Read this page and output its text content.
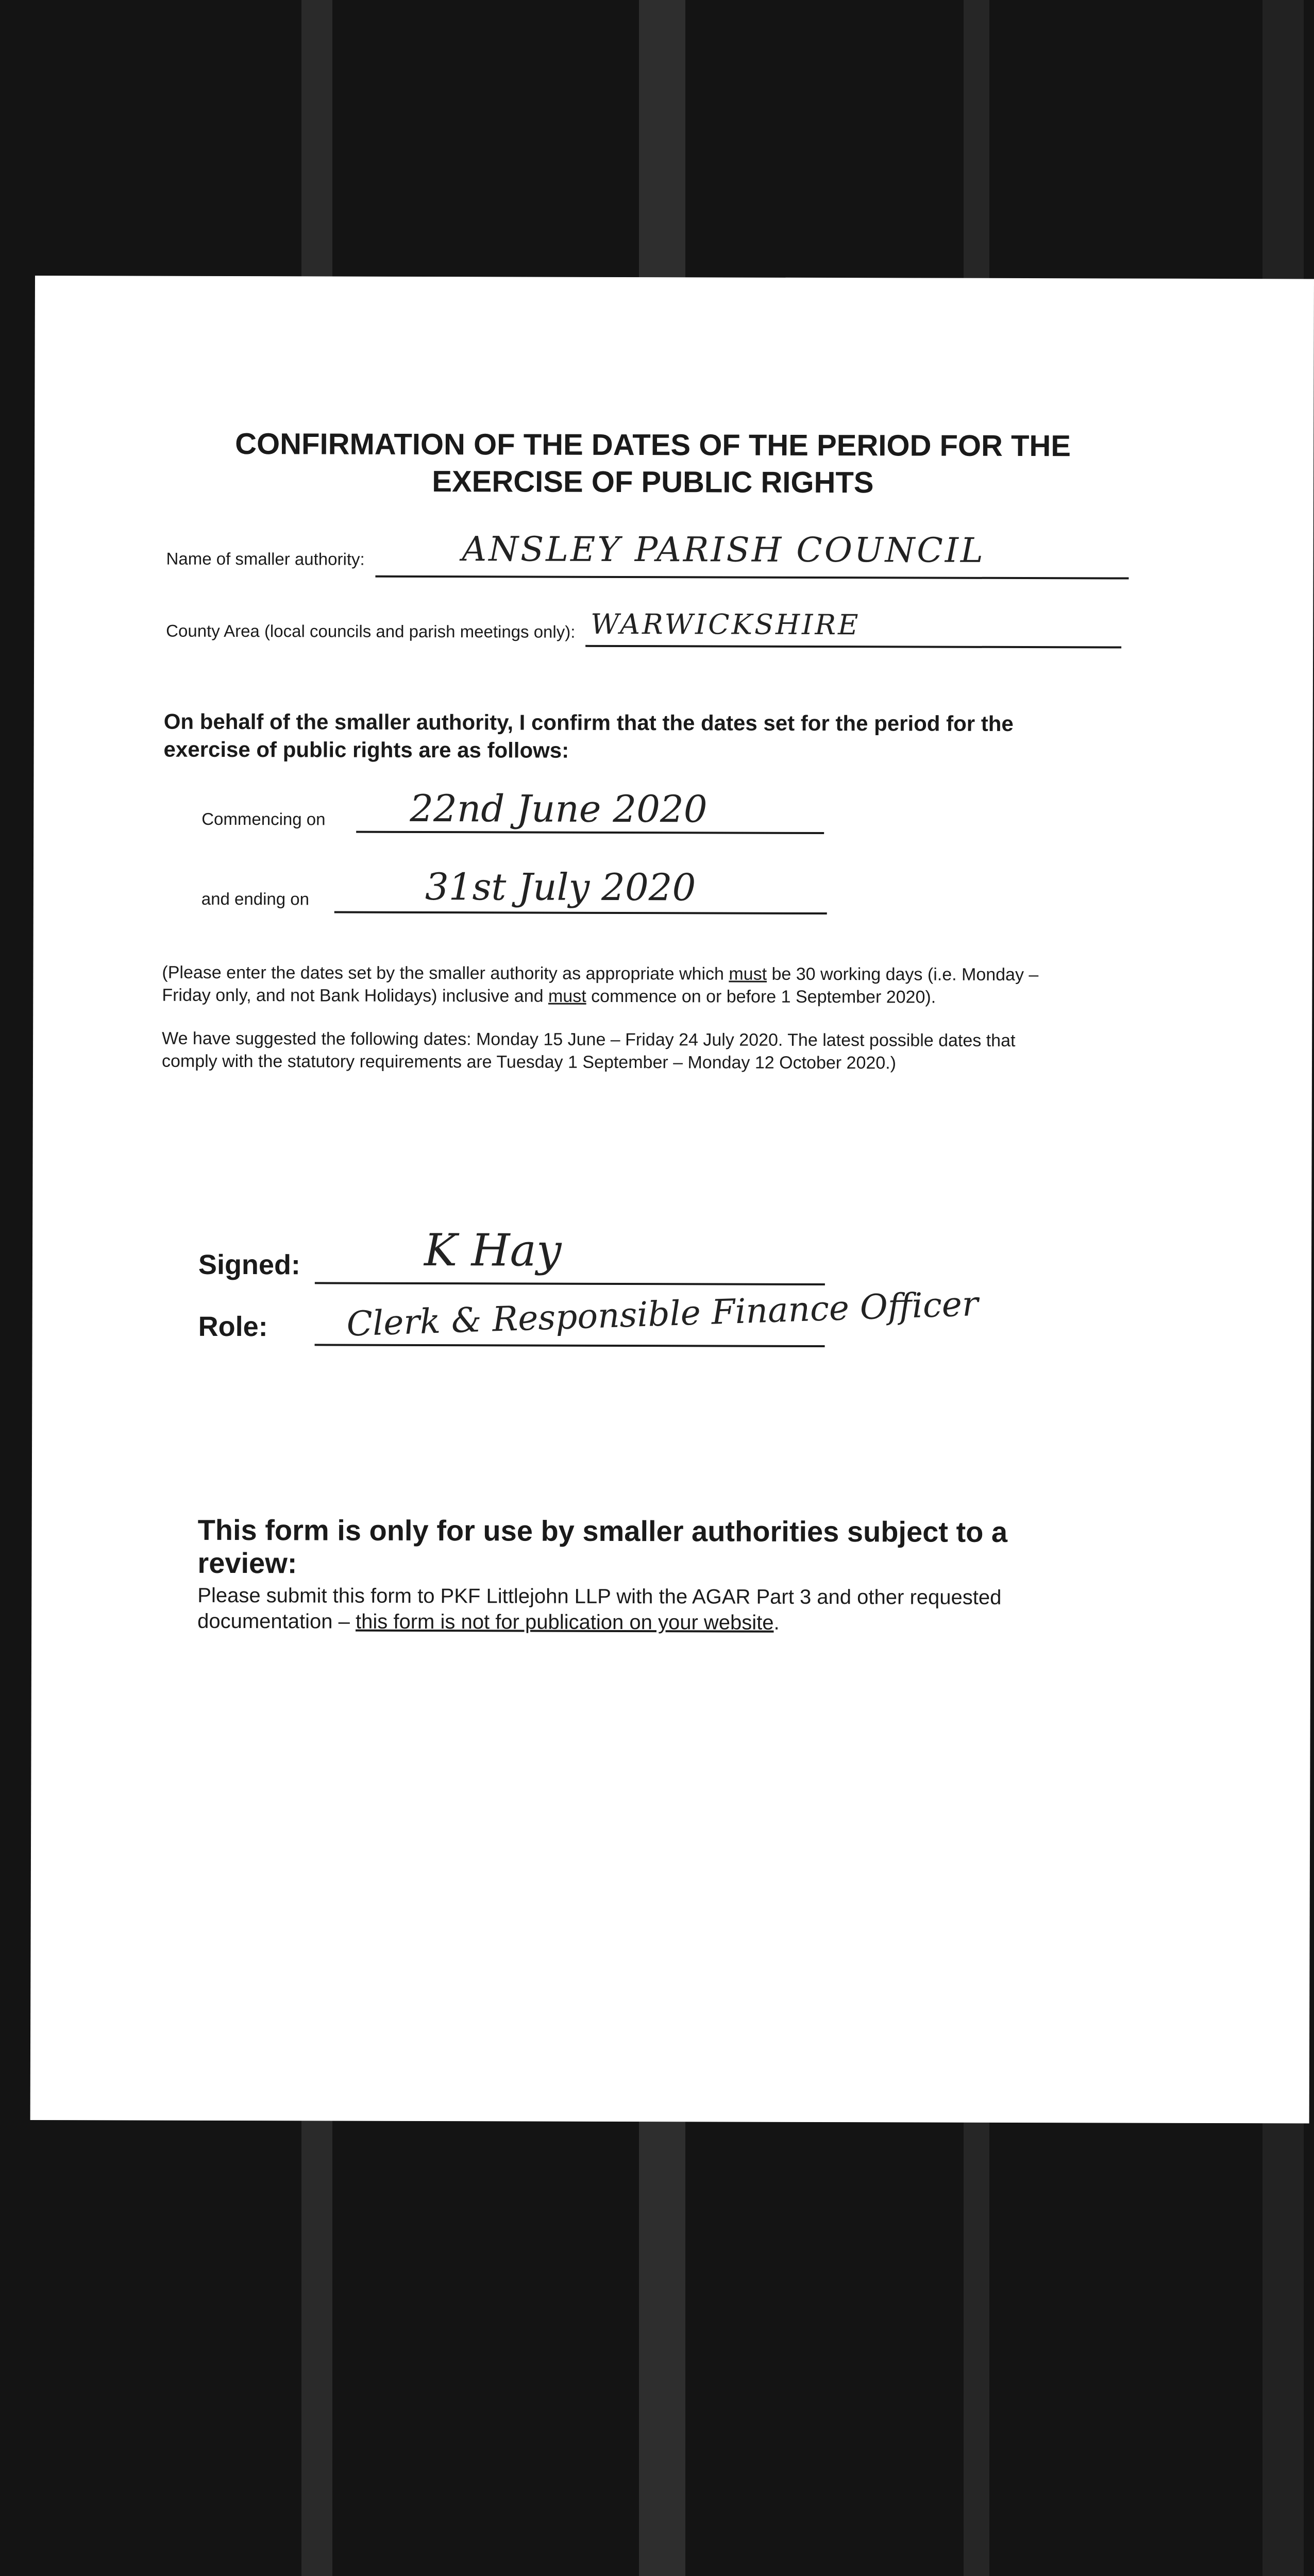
CONFIRMATION OF THE DATES OF THE PERIOD FOR THE
EXERCISE OF PUBLIC RIGHTS
Name of smaller authority:	ANSLEY PARISH COUNCIL
County Area (local councils and parish meetings only): WARWICKSHIRE
On behalf of the smaller authority, I confirm that the dates set for the period for the
exercise of public rights are as follows:
Commencing on 22nd June 2020
and ending on	31st July 2020
(Please enter the dates set by the smaller authority as appropriate which must be 30 working days (i.e. Monday –
Friday only, and not Bank Holidays) inclusive and must commence on or before 1 September 2020).
We have suggested the following dates: Monday 15 June – Friday 24 July 2020. The latest possible dates that
comply with the statutory requirements are Tuesday 1 September – Monday 12 October 2020.)
Signed:	K Hay
Role: Clerk & Responsible Finance Officer
This form is only for use by smaller authorities subject to a
review:
Please submit this form to PKF Littlejohn LLP with the AGAR Part 3 and other requested
documentation – this form is not for publication on your website.
